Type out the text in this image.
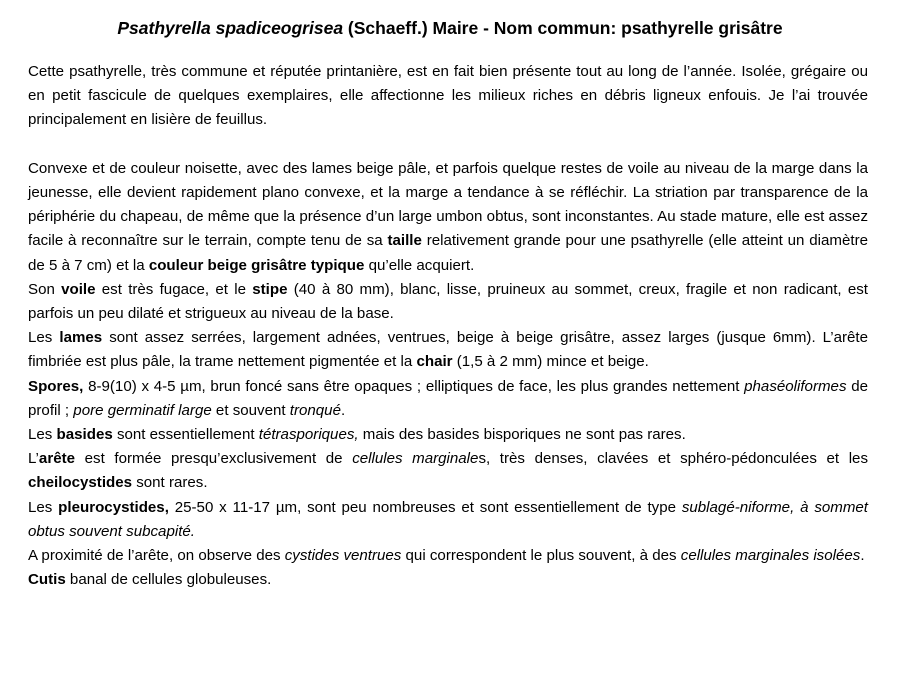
Psathyrella spadiceogrisea (Schaeff.) Maire - Nom commun: psathyrelle grisâtre

Cette psathyrelle, très commune et réputée printanière, est en fait bien présente tout au long de l’année. Isolée, grégaire ou en petit fascicule de quelques exemplaires, elle affectionne les milieux riches en débris ligneux enfouis. Je l’ai trouvée principalement en lisière de feuillus.

Convexe et de couleur noisette, avec des lames beige pâle, et parfois quelque restes de voile au niveau de la marge dans la jeunesse, elle devient rapidement plano convexe, et la marge a tendance à se réfléchir. La striation par transparence de la périphérie du chapeau, de même que la présence d’un large umbon obtus, sont inconstantes. Au stade mature, elle est assez facile à reconnaître sur le terrain, compte tenu de sa taille relativement grande pour une psathyrelle (elle atteint un diamètre de 5 à 7 cm) et la couleur beige grisâtre typique qu’elle acquiert.

Son voile est très fugace, et le stipe (40 à 80 mm), blanc, lisse, pruineux au sommet, creux, fragile et non radicant, est parfois un peu dilaté et strigueux au niveau de la base.

Les lames sont assez serrées, largement adnées, ventrues, beige à beige grisâtre, assez larges (jusque 6mm). L’arête fimbriée est plus pâle, la trame nettement pigmentée et la chair (1,5 à 2 mm) mince et beige.

Spores, 8-9(10) x 4-5 µm, brun foncé sans être opaques ; elliptiques de face, les plus grandes nettement phaséoliformes de profil ; pore germinatif large et souvent tronqué.

Les basides sont essentiellement tétrasporiques, mais des basides bisporiques ne sont pas rares.

L’arête est formée presqu’exclusivement de cellules marginales, très denses, clavées et sphéro-pédonculées et les cheilocystides sont rares.

Les pleurocystides, 25-50 x 11-17 µm, sont peu nombreuses et sont essentiellement de type sublagé-niforme, à sommet obtus souvent subcapité.

A proximité de l’arête, on observe des cystides ventrues qui correspondent le plus souvent, à des cellules marginales isolées.

Cutis banal de cellules globuleuses.
